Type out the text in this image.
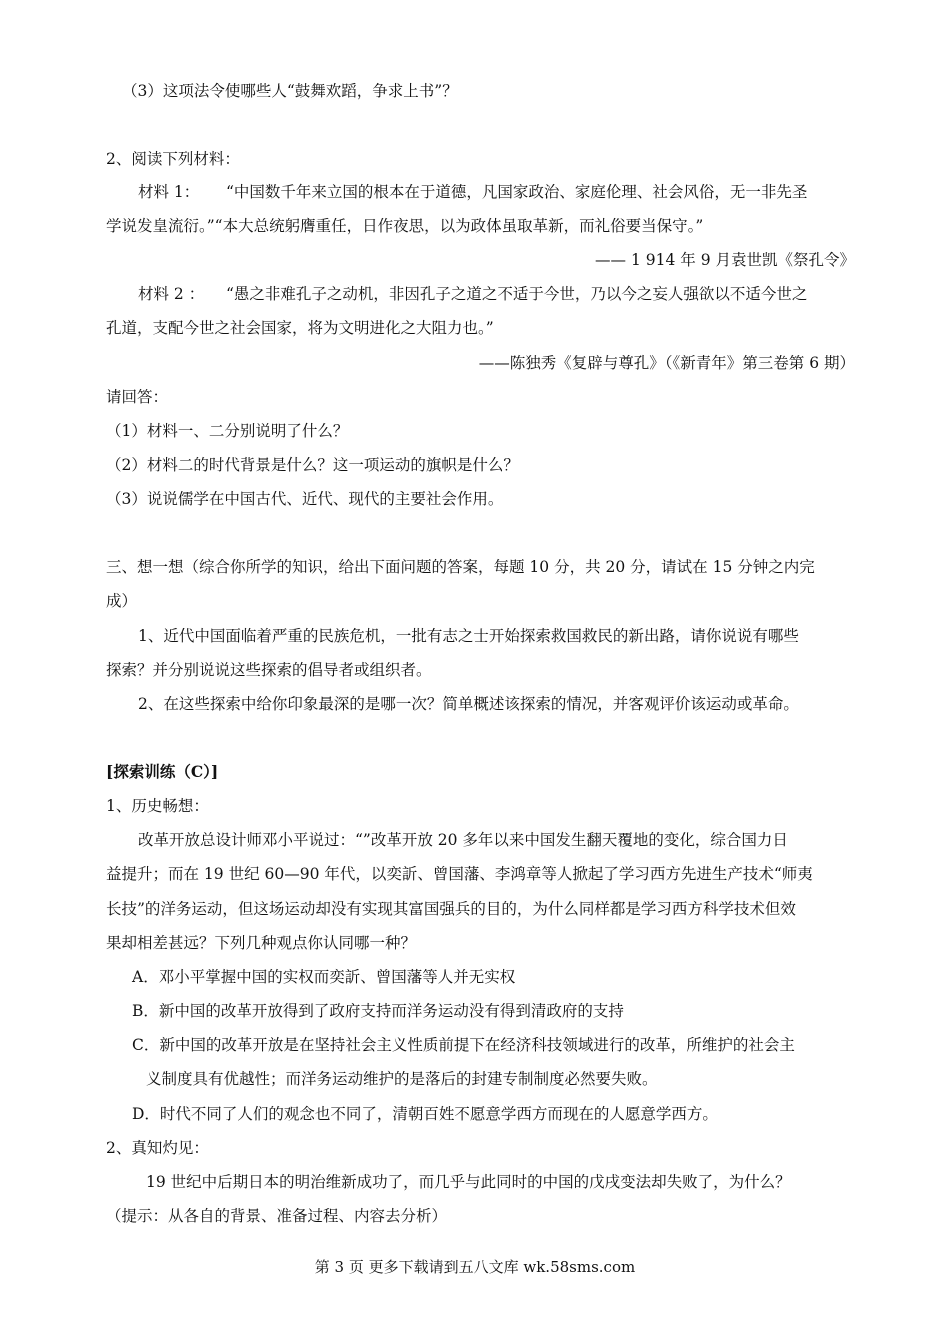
（3）这项法令使哪些人“鼓舞欢蹈，争求上书”？
2、阅读下列材料：
材料 1： “中国数千年来立国的根本在于道德，凡国家政治、家庭伦理、社会风俗，无一非先圣
学说发皇流衍。”“本大总统躬膺重任，日作夜思，以为政体虽取革新，而礼俗要当保守。”
—— 1 914 年 9 月袁世凯《祭孔令》
材料 2 ： “愚之非难孔子之动机，非因孔子之道之不适于今世，乃以今之妄人强欲以不适今世之
孔道，支配今世之社会国家，将为文明进化之大阻力也。”
——陈独秀《复辟与尊孔》（《新青年》第三卷第 6 期）
请回答：
（1）材料一、二分别说明了什么？
（2）材料二的时代背景是什么？这一项运动的旗帜是什么？
（3）说说儒学在中国古代、近代、现代的主要社会作用。
三、想一想（综合你所学的知识，给出下面问题的答案，每题 10 分，共 20 分，请试在 15 分钟之内完
成）
1、近代中国面临着严重的民族危机，一批有志之士开始探索救国救民的新出路，请你说说有哪些
探索？并分别说说这些探索的倡导者或组织者。
2、在这些探索中给你印象最深的是哪一次？简单概述该探索的情况，并客观评价该运动或革命。
[探索训练（C）]
1、历史畅想：
改革开放总设计师邓小平说过：“”改革开放 20 多年以来中国发生翻天覆地的变化，综合国力日
益提升；而在 19 世纪 60—90 年代，以奕訢、曾国藩、李鸿章等人掀起了学习西方先进生产技术“师夷
长技”的洋务运动，但这场运动却没有实现其富国强兵的目的，为什么同样都是学习西方科学技术但效
果却相差甚远？下列几种观点你认同哪一种？
A．邓小平掌握中国的实权而奕訢、曾国藩等人并无实权
B．新中国的改革开放得到了政府支持而洋务运动没有得到清政府的支持
C．新中国的改革开放是在坚持社会主义性质前提下在经济科技领域进行的改革，所维护的社会主
义制度具有优越性；而洋务运动维护的是落后的封建专制制度必然要失败。
D．时代不同了人们的观念也不同了，清朝百姓不愿意学西方而现在的人愿意学西方。
2、真知灼见：
19 世纪中后期日本的明治维新成功了，而几乎与此同时的中国的戊戌变法却失败了，为什么？
（提示：从各自的背景、准备过程、内容去分析）
第 3 页 更多下载请到五八文库 wk.58sms.com
